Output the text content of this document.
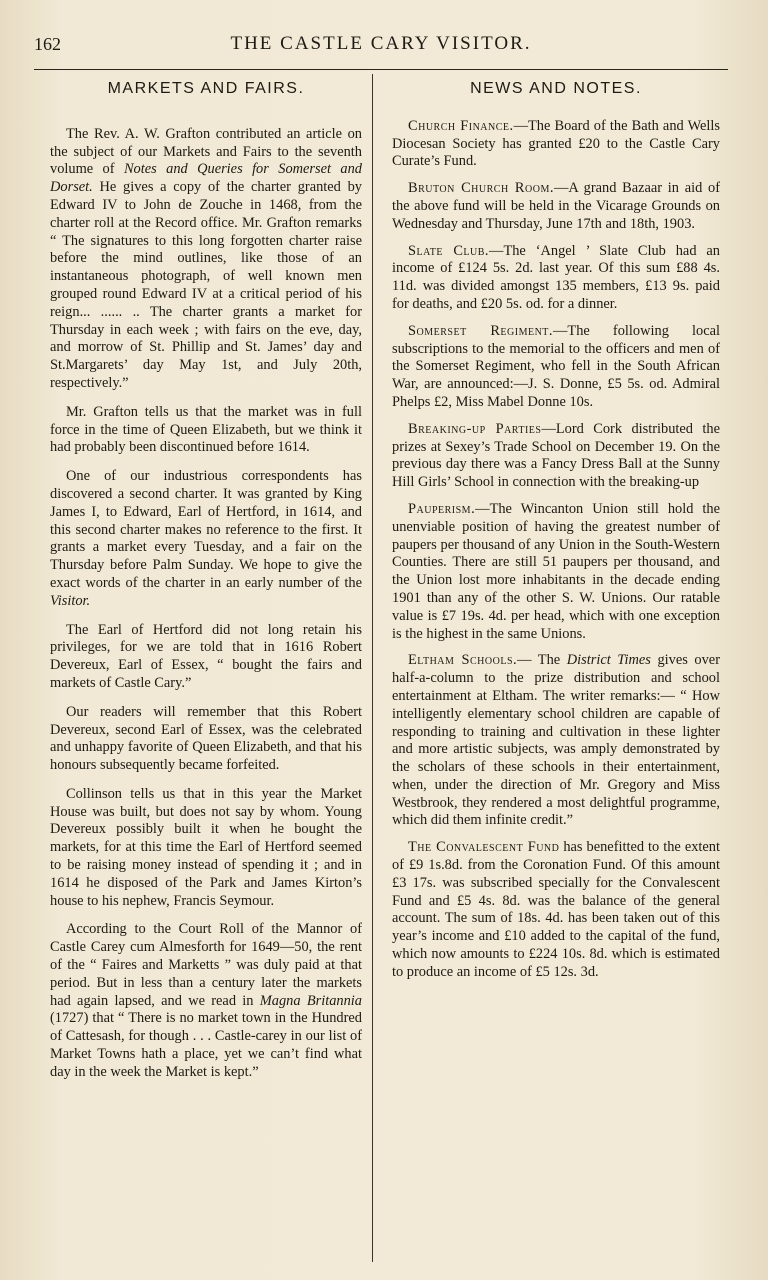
162	THE CASTLE CARY VISITOR.
MARKETS AND FAIRS.

The Rev. A. W. Grafton contributed an article on the subject of our Markets and Fairs to the seventh volume of Notes and Queries for Somerset and Dorset. He gives a copy of the charter granted by Edward IV to John de Zouche in 1468, from the charter roll at the Record office. Mr. Grafton remarks “ The signatures to this long forgotten charter raise before the mind outlines, like those of an instantaneous photograph, of well known men grouped round Edward IV at a critical period of his reign... ...... .. The charter grants a market for Thursday in each week ; with fairs on the eve, day, and morrow of St. Phillip and St. James’ day and St.Margarets’ day May 1st, and July 20th, respectively.”

Mr. Grafton tells us that the market was in full force in the time of Queen Elizabeth, but we think it had probably been discontinued before 1614.

One of our industrious correspondents has discovered a second charter. It was granted by King James I, to Edward, Earl of Hertford, in 1614, and this second charter makes no reference to the first. It grants a market every Tuesday, and a fair on the Thursday before Palm Sunday. We hope to give the exact words of the charter in an early number of the Visitor.

The Earl of Hertford did not long retain his privileges, for we are told that in 1616 Robert Devereux, Earl of Essex, “ bought the fairs and markets of Castle Cary.”

Our readers will remember that this Robert Devereux, second Earl of Essex, was the celebrated and unhappy favorite of Queen Elizabeth, and that his honours subsequently became forfeited.

Collinson tells us that in this year the Market House was built, but does not say by whom. Young Devereux possibly built it when he bought the markets, for at this time the Earl of Hertford seemed to be raising money instead of spending it ; and in 1614 he disposed of the Park and James Kirton’s house to his nephew, Francis Seymour.

According to the Court Roll of the Mannor of Castle Carey cum Almesforth for 1649—50, the rent of the “ Faires and Marketts ” was duly paid at that period. But in less than a century later the markets had again lapsed, and we read in Magna Britannia (1727) that “ There is no market town in the Hundred of Cattesash, for though . . . Castle-carey in our list of Market Towns hath a place, yet we can’t find what day in the week the Market is kept.”

NEWS AND NOTES.

Church Finance.—The Board of the Bath and Wells Diocesan Society has granted £20 to the Castle Cary Curate’s Fund.

Bruton Church Room.—A grand Bazaar in aid of the above fund will be held in the Vicarage Grounds on Wednesday and Thursday, June 17th and 18th, 1903.

Slate Club.—The ‘Angel ’ Slate Club had an income of £124 5s. 2d. last year. Of this sum £88 4s. 11d. was divided amongst 135 members, £13 9s. paid for deaths, and £20 5s. od. for a dinner.

Somerset Regiment.—The following local subscriptions to the memorial to the officers and men of the Somerset Regiment, who fell in the South African War, are announced:—J. S. Donne, £5 5s. od. Admiral Phelps £2, Miss Mabel Donne 10s.

Breaking-up Parties—Lord Cork distributed the prizes at Sexey’s Trade School on December 19. On the previous day there was a Fancy Dress Ball at the Sunny Hill Girls’ School in connection with the breaking-up

Pauperism.—The Wincanton Union still hold the unenviable position of having the greatest number of paupers per thousand of any Union in the South-Western Counties. There are still 51 paupers per thousand, and the Union lost more inhabitants in the decade ending 1901 than any of the other S. W. Unions. Our ratable value is £7 19s. 4d. per head, which with one exception is the highest in the same Unions.

Eltham Schools.— The District Times gives over half-a-column to the prize distribution and school entertainment at Eltham. The writer remarks:— “ How intelligently elementary school children are capable of responding to training and cultivation in these lighter and more artistic subjects, was amply demonstrated by the scholars of these schools in their entertainment, when, under the direction of Mr. Gregory and Miss Westbrook, they rendered a most delightful programme, which did them infinite credit.”

The Convalescent Fund has benefitted to the extent of £9 1s.8d. from the Coronation Fund. Of this amount £3 17s. was subscribed specially for the Convalescent Fund and £5 4s. 8d. was the balance of the general account. The sum of 18s. 4d. has been taken out of this year’s income and £10 added to the capital of the fund, which now amounts to £224 10s. 8d. which is estimated to produce an income of £5 12s. 3d.
